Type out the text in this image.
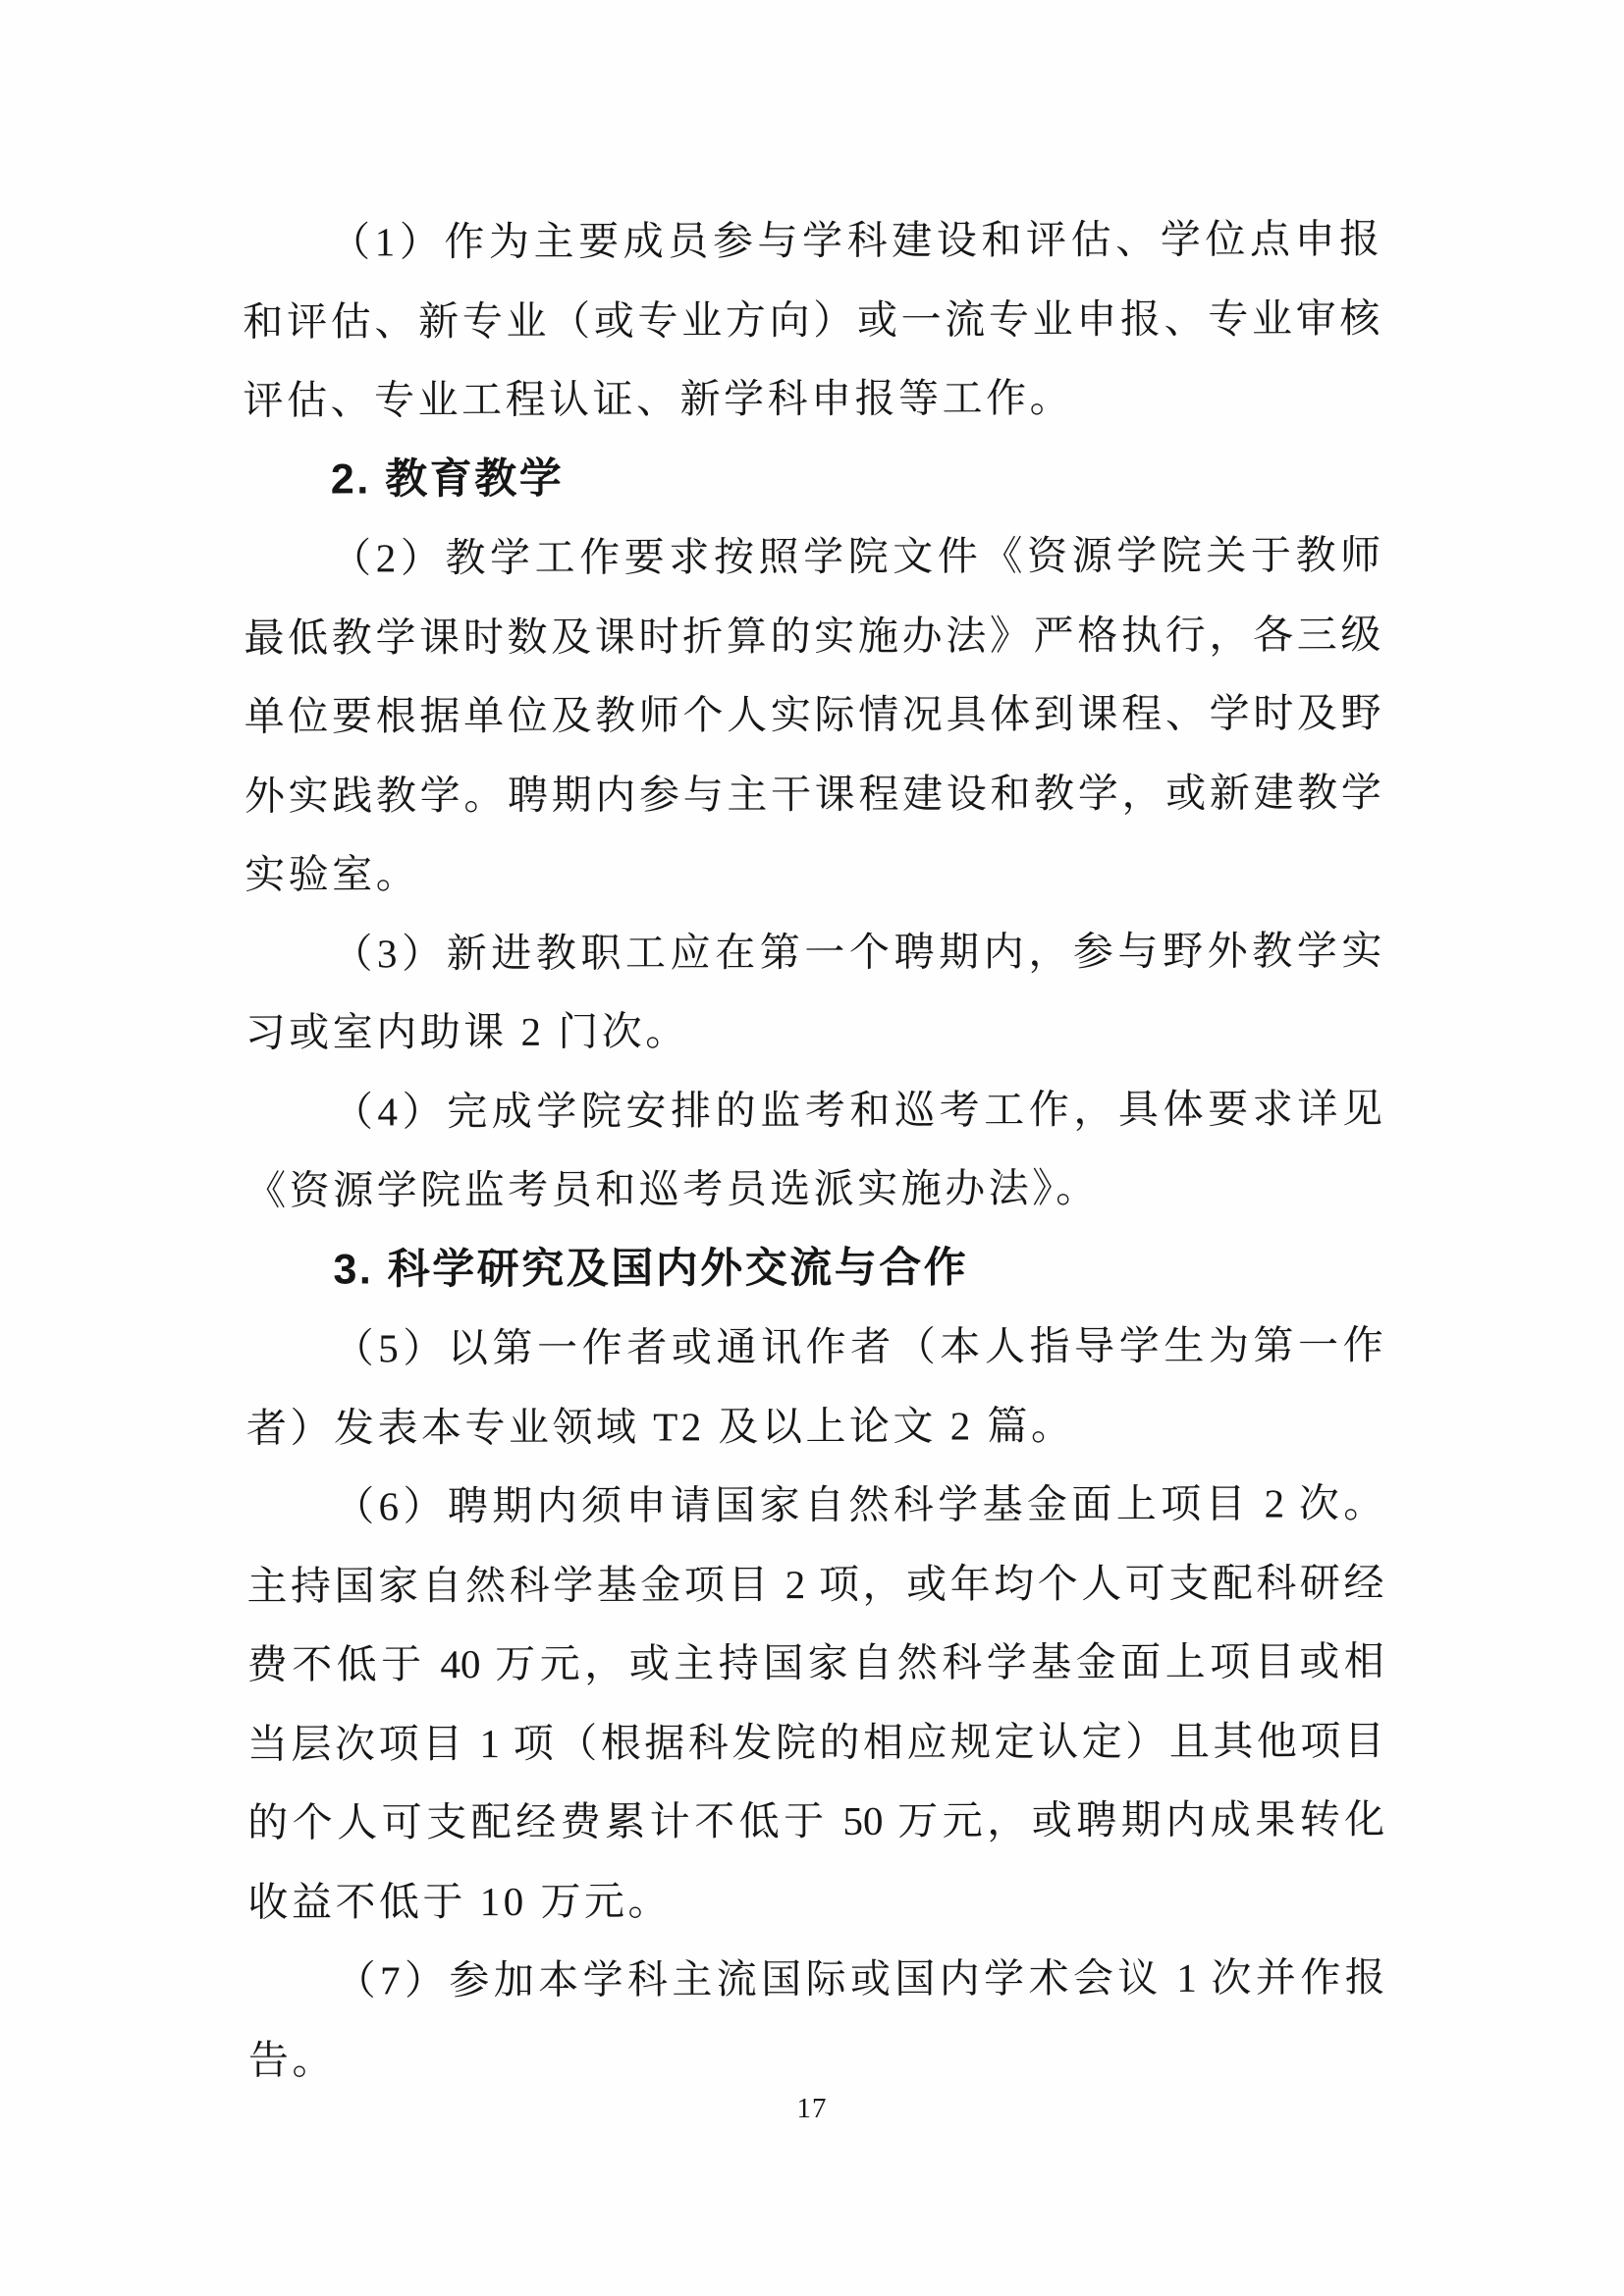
（1）作为主要成员参与学科建设和评估、学位点申报
和评估、新专业（或专业方向）或一流专业申报、专业审核
评估、专业工程认证、新学科申报等工作。
2. 教育教学
（2）教学工作要求按照学院文件《资源学院关于教师
最低教学课时数及课时折算的实施办法》严格执行，各三级
单位要根据单位及教师个人实际情况具体到课程、学时及野
外实践教学。聘期内参与主干课程建设和教学，或新建教学
实验室。
（3）新进教职工应在第一个聘期内，参与野外教学实
习或室内助课 2 门次。
（4）完成学院安排的监考和巡考工作，具体要求详见
《资源学院监考员和巡考员选派实施办法》。
3. 科学研究及国内外交流与合作
（5）以第一作者或通讯作者（本人指导学生为第一作
者）发表本专业领域 T2 及以上论文 2 篇。
（6）聘期内须申请国家自然科学基金面上项目 2 次。
主持国家自然科学基金项目 2 项，或年均个人可支配科研经
费不低于 40 万元，或主持国家自然科学基金面上项目或相
当层次项目 1 项（根据科发院的相应规定认定）且其他项目
的个人可支配经费累计不低于 50 万元，或聘期内成果转化
收益不低于 10 万元。
（7）参加本学科主流国际或国内学术会议 1 次并作报
告。
17
